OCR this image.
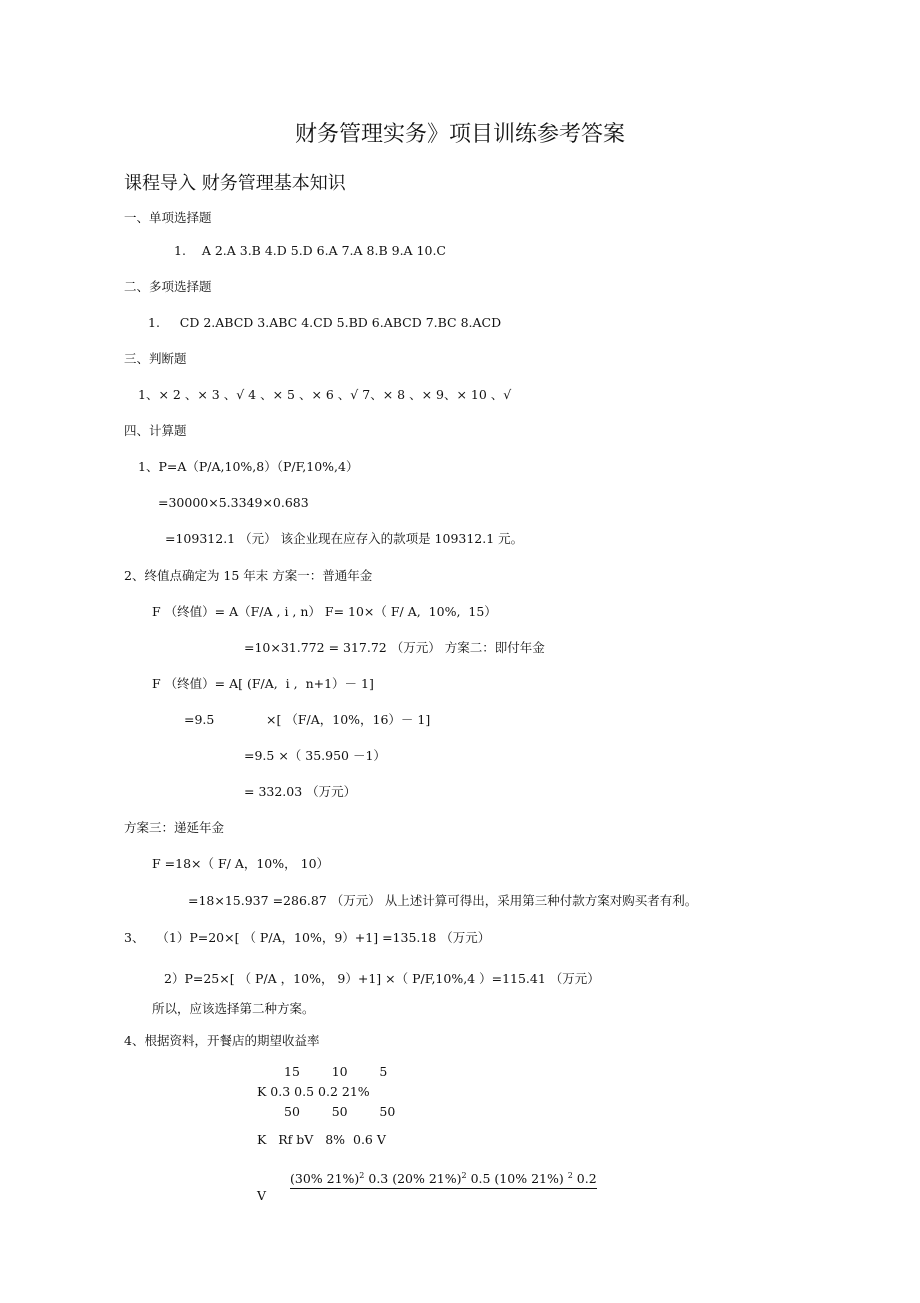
财务管理实务》项目训练参考答案
课程导入 财务管理基本知识
一、单项选择题
1.    A 2.A 3.B 4.D 5.D 6.A 7.A 8.B 9.A 10.C
二、多项选择题
1.     CD 2.ABCD 3.ABC 4.CD 5.BD 6.ABCD 7.BC 8.ACD
三、判断题
1、× 2 、× 3 、√ 4 、× 5 、× 6 、√ 7、× 8 、× 9、× 10 、√
四、计算题
1、P=A（P/A,10%,8）（P/F,10%,4）
=30000×5.3349×0.683
=109312.1 （元） 该企业现在应存入的款项是 109312.1 元。
2、终值点确定为 15 年末 方案一：普通年金
F （终值）= A（F/A , i , n） F= 10×（ F/ A,  10%,  15）
=10×31.772 = 317.72 （万元） 方案二：即付年金
F （终值）= A[ (F/A,  i ,  n+1）－ 1]
=9.5	×[ （F/A，10%，16）－ 1]
=9.5 ×（ 35.950 －1）
= 332.03 （万元）
方案三：递延年金
F =18×（ F/ A，10%， 10）
=18×15.937 =286.87 （万元） 从上述计算可得出，采用第三种付款方案对购买者有利。
3、   （1）P=20×[ （ P/A，10%，9）+1] =135.18 （万元）
2）P=25×[ （ P/A ，10%， 9）+1] ×（ P/F,10%,4 ）=115.41 （万元）
所以，应该选择第二种方案。
4、根据资料，开餐店的期望收益率
15        10        5
K 0.3 0.5 0.2 21%
50        50        50
K   Rf bV   8%  0.6 V
(30% 21%)$^2$ 0.3 (20% 21%)$^2$ 0.5 (10% 21%) $^2$ 0.2
V
